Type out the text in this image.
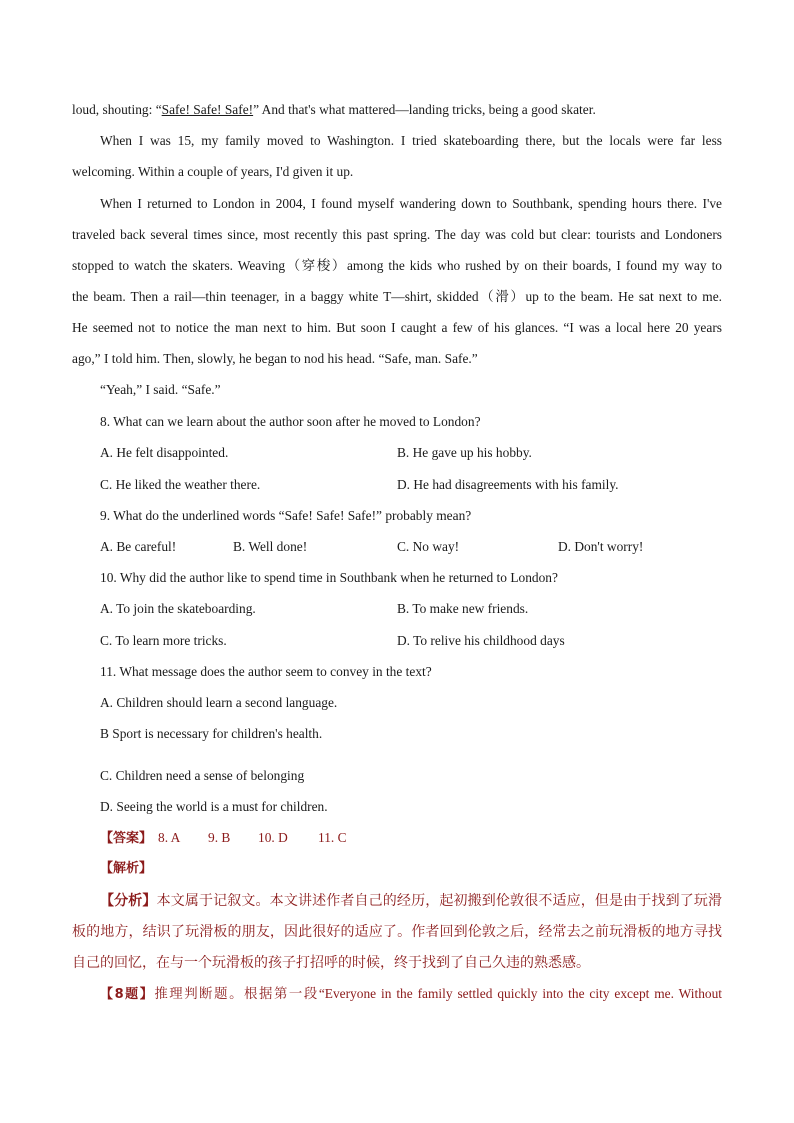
loud, shouting: “Safe! Safe! Safe!” And that's what mattered—landing tricks, being a good skater.
When I was 15, my family moved to Washington. I tried skateboarding there, but the locals were far less
welcoming. Within a couple of years, I'd given it up.
When I returned to London in 2004, I found myself wandering down to Southbank, spending hours there. I've
traveled back several times since, most recently this past spring. The day was cold but clear: tourists and Londoners
stopped to watch the skaters. Weaving（穿梭）among the kids who rushed by on their boards, I found my way to
the beam. Then a rail—thin teenager, in a baggy white T—shirt, skidded（滑）up to the beam. He sat next to me.
He seemed not to notice the man next to him. But soon I caught a few of his glances. “I was a local here 20 years
ago,” I told him. Then, slowly, he began to nod his head. “Safe, man. Safe.”
“Yeah,” I said. “Safe.”
8. What can we learn about the author soon after he moved to London?
A. He felt disappointed.	B. He gave up his hobby.
C. He liked the weather there.	D. He had disagreements with his family.
9. What do the underlined words “Safe! Safe! Safe!” probably mean?
A. Be careful!	B. Well done!	C. No way!	D. Don't worry!
10. Why did the author like to spend time in Southbank when he returned to London?
A. To join the skateboarding.	B. To make new friends.
C. To learn more tricks.	D. To relive his childhood days
11. What message does the author seem to convey in the text?
A. Children should learn a second language.
B Sport is necessary for children's health.
C. Children need a sense of belonging
D. Seeing the world is a must for children.
【答案】 8. A 9. B 10. D 11. C
【解析】
【分析】本文属于记叙文。本文讲述作者自己的经历，起初搬到伦敦很不适应，但是由于找到了玩滑
板的地方，结识了玩滑板的朋友，因此很好的适应了。作者回到伦敦之后，经常去之前玩滑板的地方寻找
自己的回忆，在与一个玩滑板的孩子打招呼的时候，终于找到了自己久违的熟悉感。
【8题】推理判断题。根据第一段“Everyone in the family settled quickly into the city except me. Without
